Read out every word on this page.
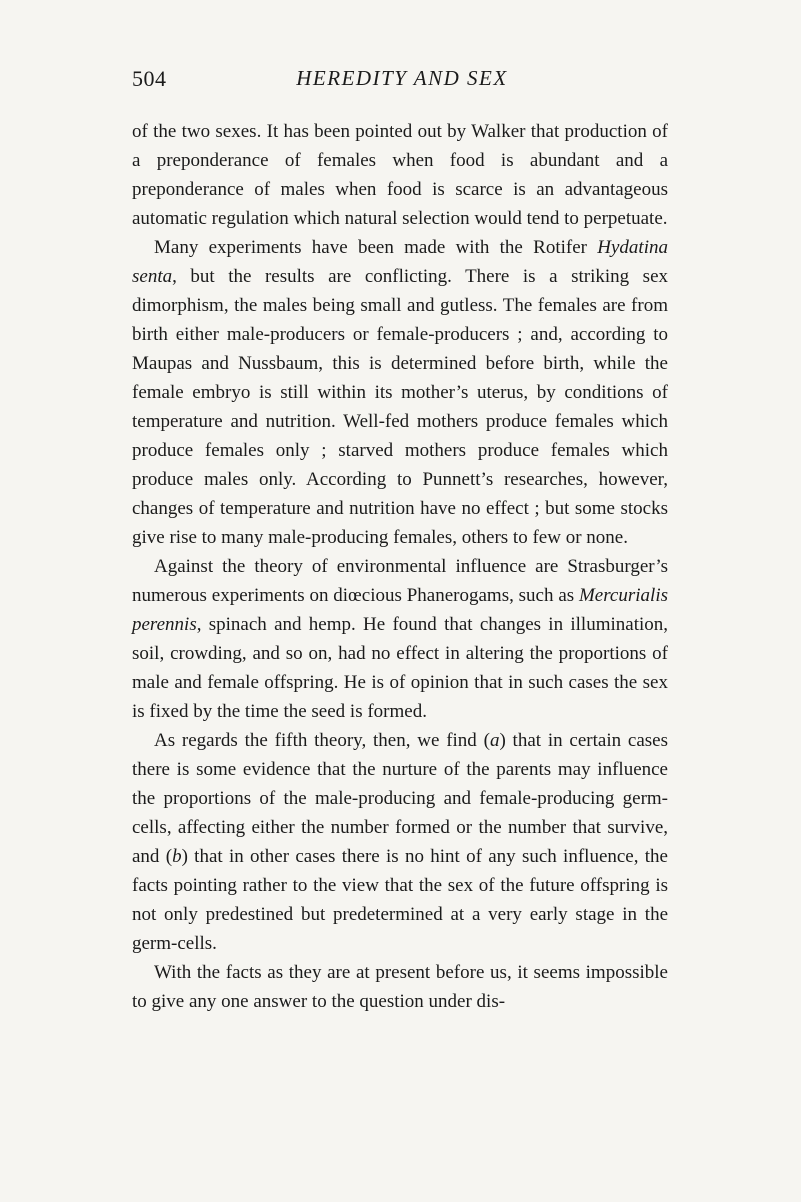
504	HEREDITY AND SEX

of the two sexes. It has been pointed out by Walker that production of a preponderance of females when food is abundant and a preponderance of males when food is scarce is an advantageous automatic regulation which natural selection would tend to perpetuate.

Many experiments have been made with the Rotifer Hydatina senta, but the results are conflicting. There is a striking sex dimorphism, the males being small and gutless. The females are from birth either male-producers or female-producers ; and, according to Maupas and Nussbaum, this is determined before birth, while the female embryo is still within its mother’s uterus, by conditions of temperature and nutrition. Well-fed mothers produce females which produce females only ; starved mothers produce females which produce males only. According to Punnett’s researches, however, changes of temperature and nutrition have no effect ; but some stocks give rise to many male-producing females, others to few or none.

Against the theory of environmental influence are Strasburger’s numerous experiments on diœcious Phanerogams, such as Mercurialis perennis, spinach and hemp. He found that changes in illumination, soil, crowding, and so on, had no effect in altering the proportions of male and female offspring. He is of opinion that in such cases the sex is fixed by the time the seed is formed.

As regards the fifth theory, then, we find (a) that in certain cases there is some evidence that the nurture of the parents may influence the proportions of the male-producing and female-producing germ-cells, affecting either the number formed or the number that survive, and (b) that in other cases there is no hint of any such influence, the facts pointing rather to the view that the sex of the future offspring is not only predestined but predetermined at a very early stage in the germ-cells.

With the facts as they are at present before us, it seems impossible to give any one answer to the question under dis-
